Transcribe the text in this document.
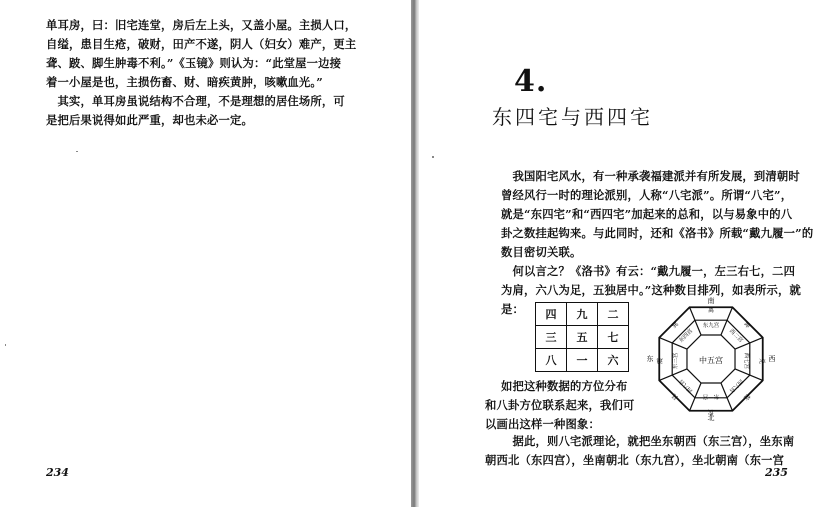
单耳房，曰：旧宅连堂，房后左上头，又盖小屋。主损人口，

自缢，患目生疮，破财，田产不遂，阴人（妇女）难产，更主

聋、跛、脚生肿毒不利。”《玉镜》则认为：“此堂屋一边接

着一小屋是也，主损伤畜、财、暗疾黄肿，咳嗽血光。”

　其实，单耳房虽说结构不合理，不是理想的居住场所，可

是把后果说得如此严重，却也未必一定。

234
4.
东四宅与西四宅

　我国阳宅风水，有一种承袭福建派并有所发展，到清朝时

曾经风行一时的理论派别，人称“八宅派”。所谓“八宅”，

就是“东四宅”和“西四宅”加起来的总和，以与易象中的八

卦之数挂起钩来。与此同时，还和《洛书》所载“戴九履一”的

数目密切关联。

　何以言之？《洛书》有云：“戴九履一，左三右七，二四

为肩，六八为足，五独居中。”这种数目排列，如表所示，就

是： 四	九	二
三	五	七
八	一	六
离
东九宫	坤
西二宫
兑
西七宫
乾
西六宫
坎
东一宫
艮
西八宫
震	东三宫
巽
东四宫
中五宫
南
北
东	西

如把这种数据的方位分布

和八卦方位联系起来，我们可

以画出这样一种图象：

　据此，则八宅派理论，就把坐东朝西（东三宫），坐东南

朝西北（东四宫），坐南朝北（东九宫），坐北朝南（东一宫

235
